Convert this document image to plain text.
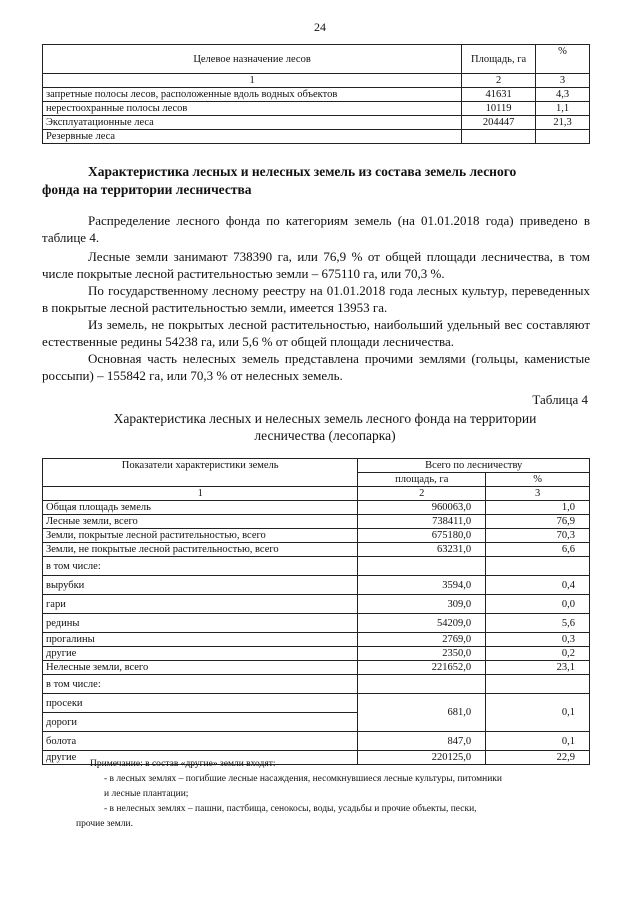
24
Целевое назначение лесов	Площадь, га	%
1	2	3
запретные полосы лесов, расположенные вдоль водных объектов	41631	4,3
нерестоохранные полосы лесов	10119	1,1
Эксплуатационные леса	204447	21,3
Резервные леса		
Характеристика лесных и нелесных земель из состава земель лесного
фонда на территории лесничества

Распределение лесного фонда по категориям земель (на 01.01.2018 года) приведено в таблице 4.

Лесные земли занимают 738390 га, или 76,9 % от общей площади лесничества, в том числе покрытые лесной растительностью земли – 675110 га, или 70,3 %.

По государственному лесному реестру на 01.01.2018 года лесных культур, переведенных в покрытые лесной растительностью земли, имеется 13953 га.

Из земель, не покрытых лесной растительностью, наибольший удельный вес составляют естественные редины 54238 га, или 5,6 % от общей площади лесничества.

Основная часть нелесных земель представлена прочими землями (гольцы, каменистые россыпи) – 155842 га, или 70,3 % от нелесных земель.

Таблица 4
Характеристика лесных и нелесных земель лесного фонда на территории лесничества (лесопарка)
Показатели характеристики земель	Всего по лесничеству	
	площадь, га	%
1	2	3
Общая площадь земель	960063,0	1,0
Лесные земли, всего	738411,0	76,9
Земли, покрытые лесной растительностью, всего	675180,0	70,3
Земли, не покрытые лесной растительностью, всего	63231,0	6,6
в том числе:		
вырубки	3594,0	0,4
гари	309,0	0,0
редины	54209,0	5,6
прогалины	2769,0	0,3
другие	2350,0	0,2
Нелесные земли, всего	221652,0	23,1
в том числе:		
просеки	681,0	0,1
дороги		
болота	847,0	0,1
другие	220125,0	22,9
Примечание: в состав «другие» земли входят:
- в лесных землях – погибшие лесные насаждения, несомкнувшиеся лесные культуры, питомники
и лесные плантации;
- в нелесных землях – пашни, пастбища, сенокосы, воды, усадьбы и прочие объекты, пески,
прочие земли.
